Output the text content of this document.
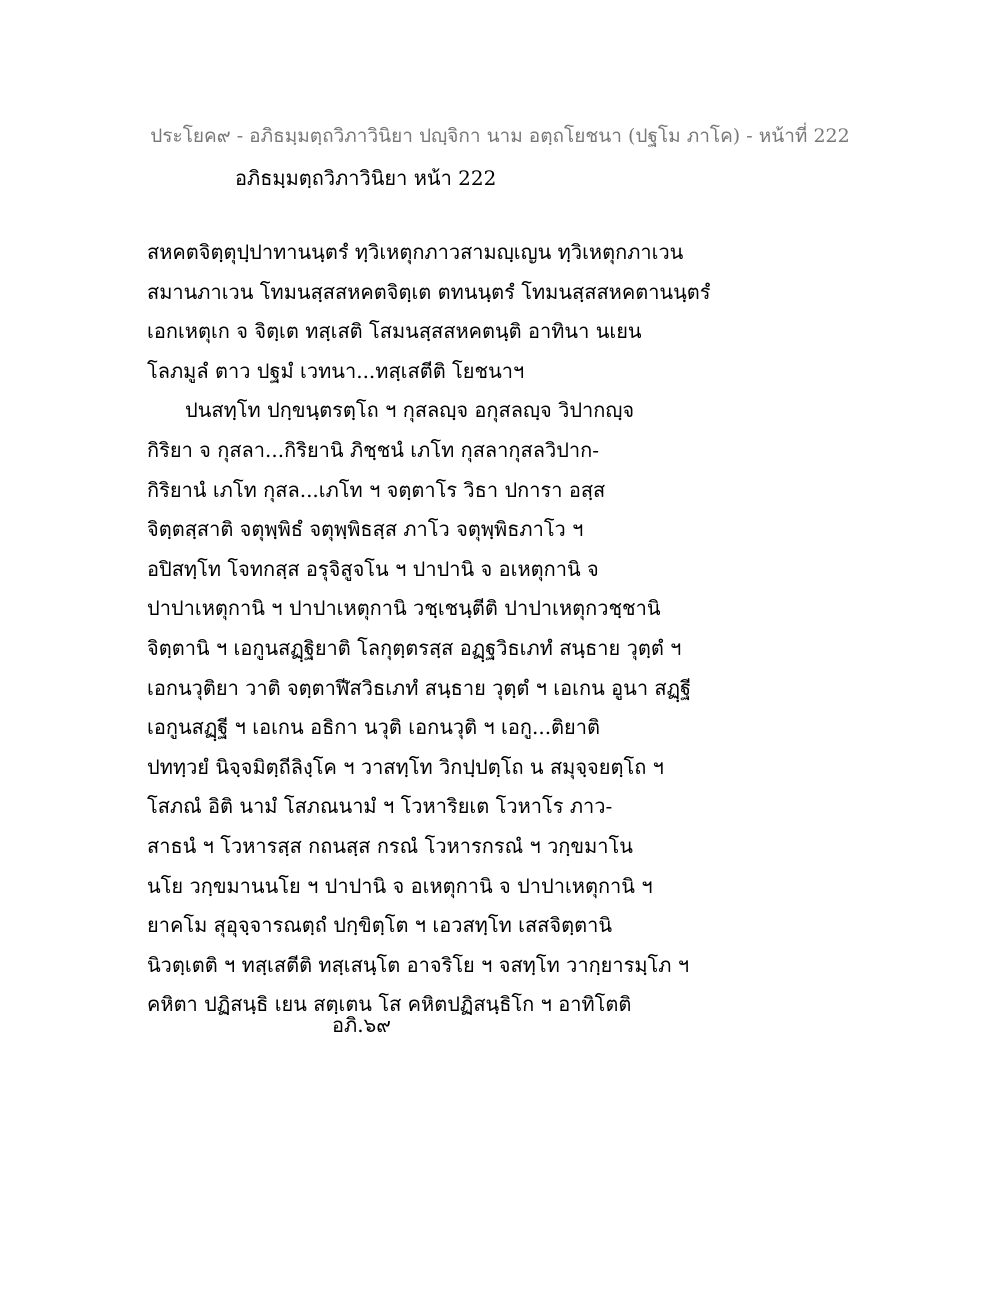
ประโยค๙ - อภิธมฺมตฺถวิภาวินิยา ปญฺจิกา นาม อตฺถโยชนา (ปฐโม ภาโค) - หน้าที่ 222
อภิธมฺมตฺถวิภาวินิยา หน้า 222
สหคตจิตฺตุปฺปาทานนฺตรํ ทฺวิเหตุกภาวสามญฺเญน ทฺวิเหตุกภาเวน
สมานภาเวน โทมนสฺสสหคตจิตฺเต ตทนนฺตรํ โทมนสฺสสหคตานนฺตรํ
เอกเหตุเก จ จิตฺเต ทสฺเสติ โสมนสฺสสหคตนฺติ อาทินา นเยน
โลภมูลํ ตาว ปฐมํ เวทนา...ทสฺเสตีติ โยชนาฯ
ปนสทฺโท ปกฺขนฺตรตฺโถ ฯ กุสลญฺจ อกุสลญฺจ วิปากญฺจ
กิริยา จ กุสลา...กิริยานิ ภิชฺชนํ เภโท กุสลากุสลวิปาก-
กิริยานํ เภโท กุสล...เภโท ฯ จตฺตาโร วิธา ปการา อสฺส
จิตฺตสฺสาติ จตุพฺพิธํ จตุพฺพิธสฺส ภาโว จตุพฺพิธภาโว ฯ
อปิสทฺโท โจทกสฺส อรุจิสูจโน ฯ ปาปานิ จ อเหตุกานิ จ
ปาปาเหตุกานิ ฯ ปาปาเหตุกานิ วชฺเชนฺตีติ ปาปาเหตุกวชฺชานิ
จิตฺตานิ ฯ เอกูนสฏฺฐิยาติ โลกุตฺตรสฺส อฏฺฐวิธเภทํ สนฺธาย วุตฺตํ ฯ
เอกนวุติยา วาติ จตฺตาฬีสวิธเภทํ สนฺธาย วุตฺตํ ฯ เอเกน อูนา สฏฺฐี
เอกูนสฏฺฐี ฯ เอเกน อธิกา นวุติ เอกนวุติ ฯ เอกู...ติยาติ
ปททฺวยํ นิจฺจมิตฺถีลิงฺโค ฯ วาสทฺโท วิกปฺปตฺโถ น สมุจฺจยตฺโถ ฯ
โสภณํ อิติ นามํ โสภณนามํ ฯ โวหาริยเต โวหาโร ภาว-
สาธนํ ฯ โวหารสฺส กถนสฺส กรณํ โวหารกรณํ ฯ วกฺขมาโน
นโย วกฺขมานนโย ฯ ปาปานิ จ อเหตุกานิ จ ปาปาเหตุกานิ ฯ
ยาคโม สุอุจฺจารณตฺถํ ปกฺขิตฺโต ฯ เอวสทฺโท เสสจิตฺตานิ
นิวตฺเตติ ฯ ทสฺเสตีติ ทสฺเสนฺโต อาจริโย ฯ จสทฺโท วากฺยารมฺโภ ฯ
คหิตา ปฏิสนฺธิ เยน สตฺเตน โส คหิตปฏิสนฺธิโก ฯ อาทิโตติ
อภิ.๖๙
